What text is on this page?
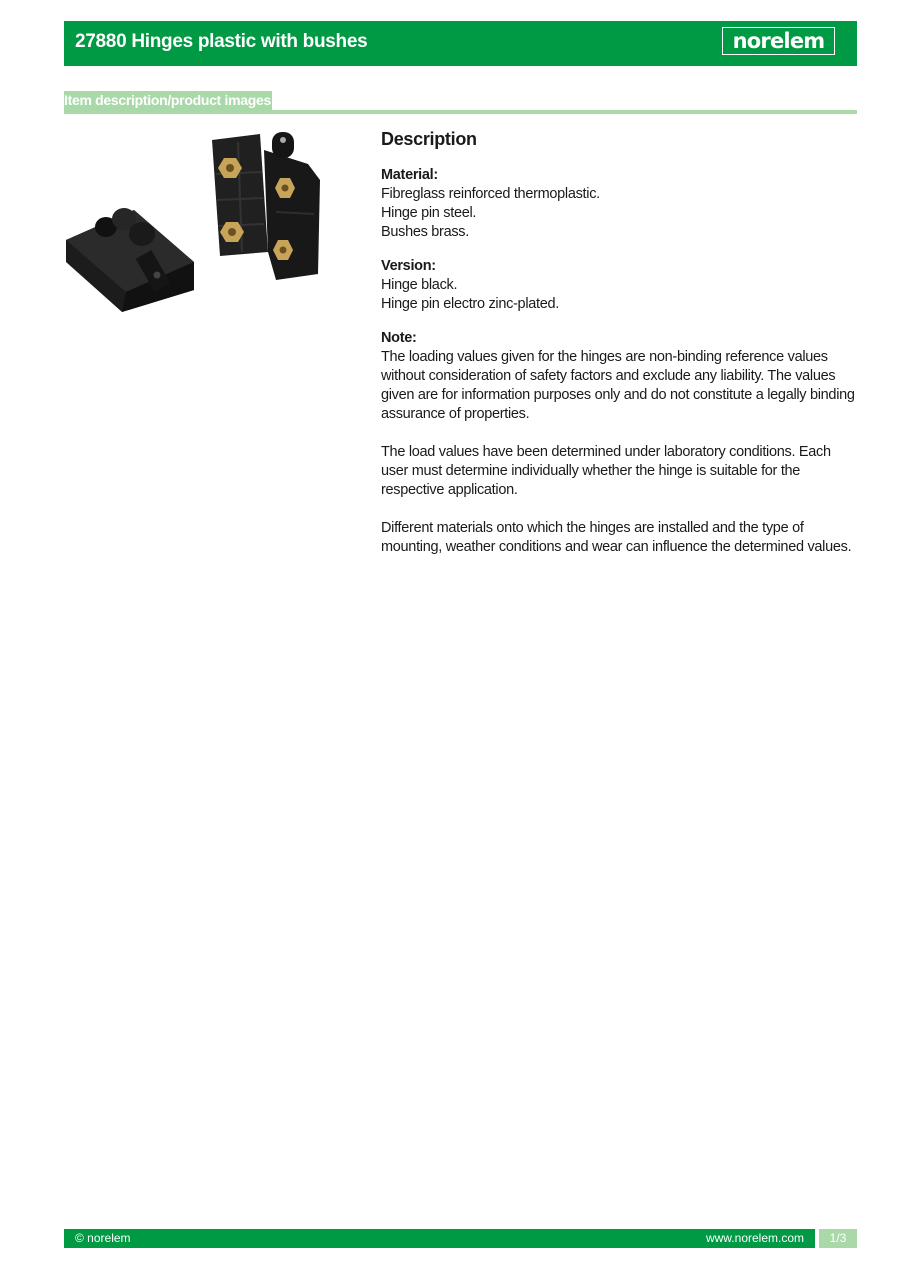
27880 Hinges plastic with bushes	norelem
Item description/product images
Description
Material:
Fibreglass reinforced thermoplastic.
Hinge pin steel.
Bushes brass.
Version:
Hinge black.
Hinge pin electro zinc-plated.
Note:

The loading values given for the hinges are non-binding reference values without consideration of safety factors and exclude any liability. The values given are for information purposes only and do not constitute a legally binding assurance of properties.

The load values have been determined under laboratory conditions. Each user must determine individually whether the hinge is suitable for the respective application.

Different materials onto which the hinges are installed and the type of mounting, weather conditions and wear can influence the determined values.

© norelem	www.norelem.com	1/3
